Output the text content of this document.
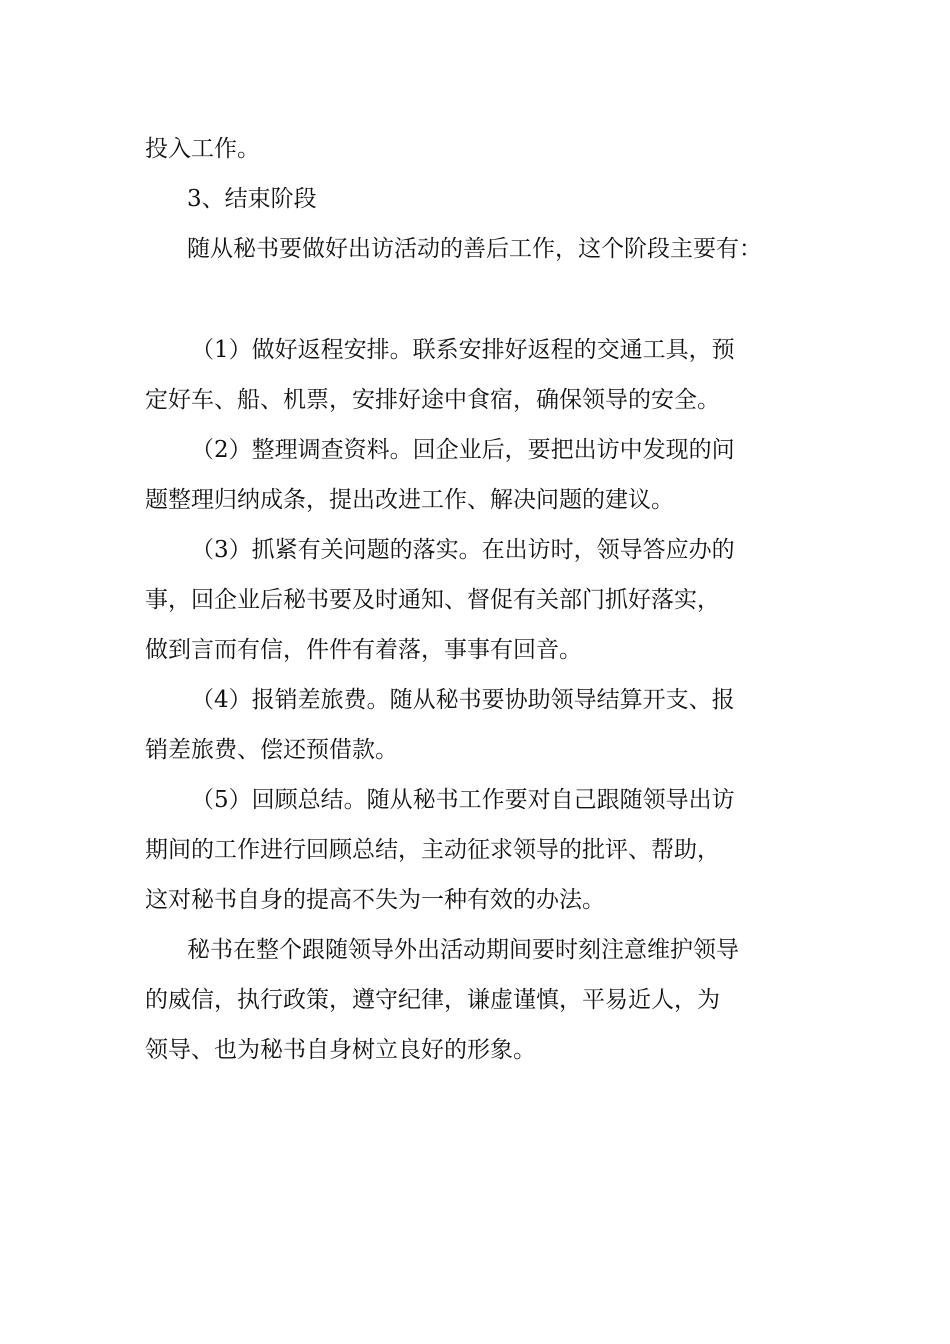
投入工作。
3、结束阶段
随从秘书要做好出访活动的善后工作，这个阶段主要有：
（1）做好返程安排。联系安排好返程的交通工具，预
定好车、船、机票，安排好途中食宿，确保领导的安全。
（2）整理调查资料。回企业后，要把出访中发现的问
题整理归纳成条，提出改进工作、解决问题的建议。
（3）抓紧有关问题的落实。在出访时，领导答应办的
事，回企业后秘书要及时通知、督促有关部门抓好落实，
做到言而有信，件件有着落，事事有回音。
（4）报销差旅费。随从秘书要协助领导结算开支、报
销差旅费、偿还预借款。
（5）回顾总结。随从秘书工作要对自己跟随领导出访
期间的工作进行回顾总结，主动征求领导的批评、帮助，
这对秘书自身的提高不失为一种有效的办法。
秘书在整个跟随领导外出活动期间要时刻注意维护领导
的威信，执行政策，遵守纪律，谦虚谨慎，平易近人，为
领导、也为秘书自身树立良好的形象。
